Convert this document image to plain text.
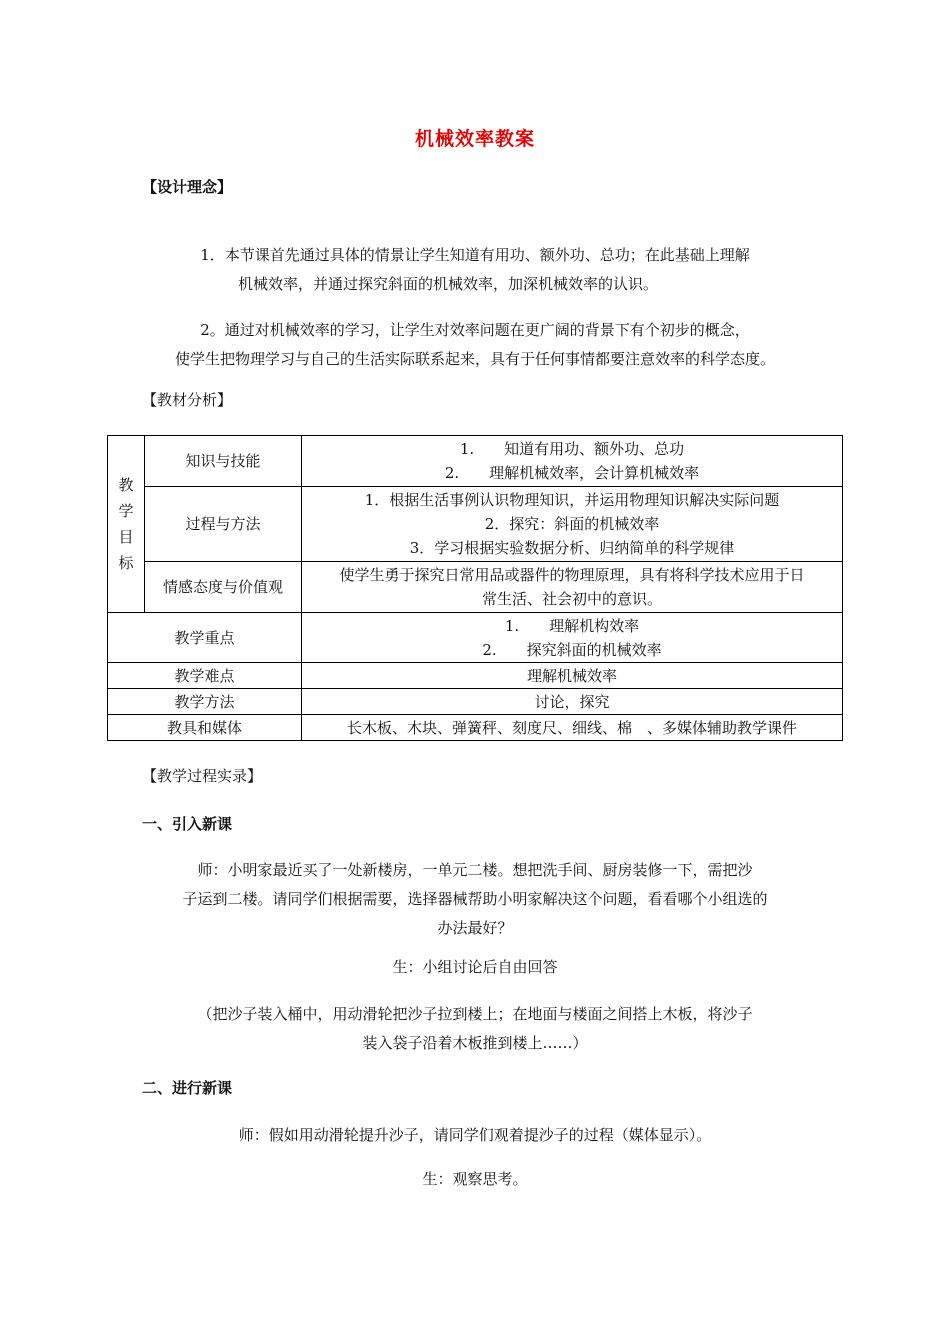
机械效率教案
【设计理念】
1．本节课首先通过具体的情景让学生知道有用功、额外功、总功；在此基础上理解
机械效率，并通过探究斜面的机械效率，加深机械效率的认识。
2。通过对机械效率的学习，让学生对效率问题在更广阔的背景下有个初步的概念，
使学生把物理学习与自己的生活实际联系起来，具有于任何事情都要注意效率的科学态度。
【教材分析】
教
学
目
标	知识与技能	1.　　知道有用功、额外功、总功
2.　　理解机械效率，会计算机械效率

	过程与方法	1．根据生活事例认识物理知识，并运用物理知识解决实际问题
2．探究：斜面的机械效率
3．学习根据实验数据分析、归纳简单的科学规律

	情感态度与价值观	使学生勇于探究日常用品或器件的物理原理，具有将科学技术应用于日
常生活、社会初中的意识。

教学重点		1.　　理解机构效率
2.　　探究斜面的机械效率

教学难点		理解机械效率
教学方法		讨论，探究
教具和媒体		长木板、木块、弹簧秤、刻度尺、细线、棉　、多媒体辅助教学课件
【教学过程实录】
一、引入新课
师：小明家最近买了一处新楼房，一单元二楼。想把洗手间、厨房装修一下，需把沙
子运到二楼。请同学们根据需要，选择器械帮助小明家解决这个问题，看看哪个小组选的
办法最好？
生：小组讨论后自由回答
（把沙子装入桶中，用动滑轮把沙子拉到楼上；在地面与楼面之间搭上木板，将沙子
装入袋子沿着木板推到楼上……）
二、进行新课
师：假如用动滑轮提升沙子，请同学们观着提沙子的过程（媒体显示）。
生：观察思考。
